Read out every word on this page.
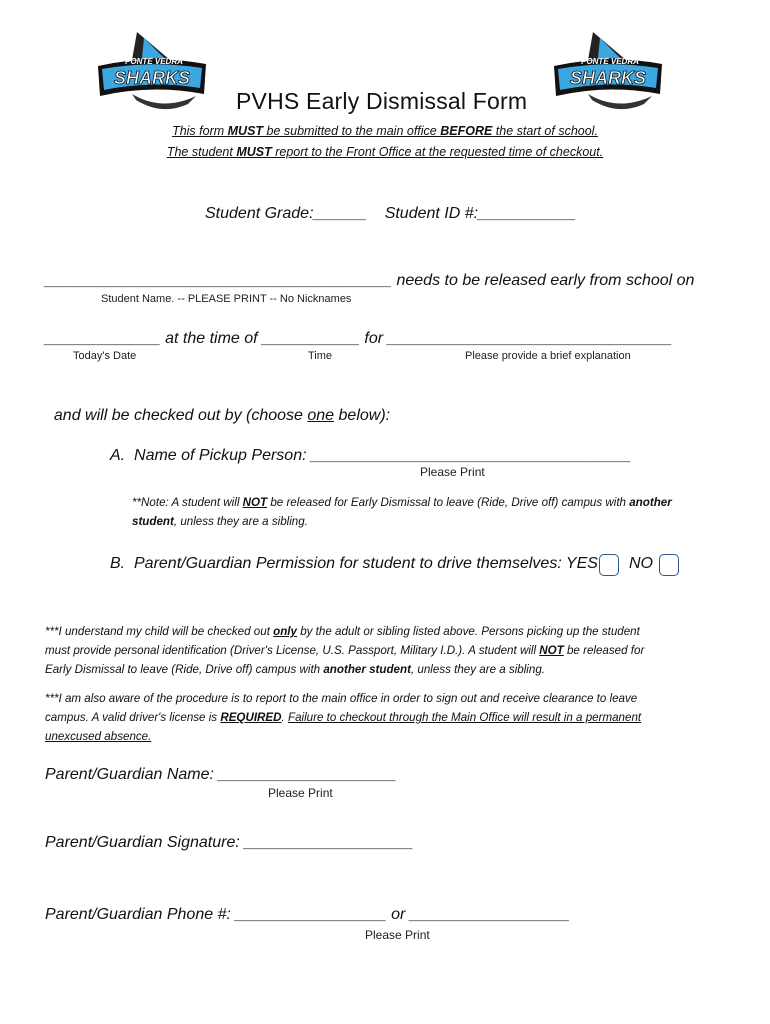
PONTE VEDRA
SHARKS
PONTE VEDRA
SHARKS
PVHS Early Dismissal Form
This form MUST be submitted to the main office BEFORE the start of school.
The student MUST report to the Front Office at the requested time of checkout.
Student Grade:______    Student ID #:___________
_______________________________________ needs to be released early from school on
Student Name. -- PLEASE PRINT -- No Nicknames
_____________ at the time of ___________ for ________________________________
Today's Date	Time	Please provide a brief explanation

and will be checked out by (choose one below):

A.  Name of Pickup Person: ____________________________________
Please Print
**Note: A student will NOT be released for Early Dismissal to leave (Ride, Drive off) campus with another
student, unless they are a sibling.
B.  Parent/Guardian Permission for student to drive themselves: YES NO
***I understand my child will be checked out only by the adult or sibling listed above. Persons picking up the student
must provide personal identification (Driver's License, U.S. Passport, Military I.D.). A student will NOT be released for
Early Dismissal to leave (Ride, Drive off) campus with another student, unless they are a sibling.
***I am also aware of the procedure is to report to the main office in order to sign out and receive clearance to leave
campus. A valid driver's license is REQUIRED. Failure to checkout through the Main Office will result in a permanent
unexcused absence.
Parent/Guardian Name: ____________________
Please Print
Parent/Guardian Signature: ___________________
Parent/Guardian Phone #: _________________ or __________________
Please Print
